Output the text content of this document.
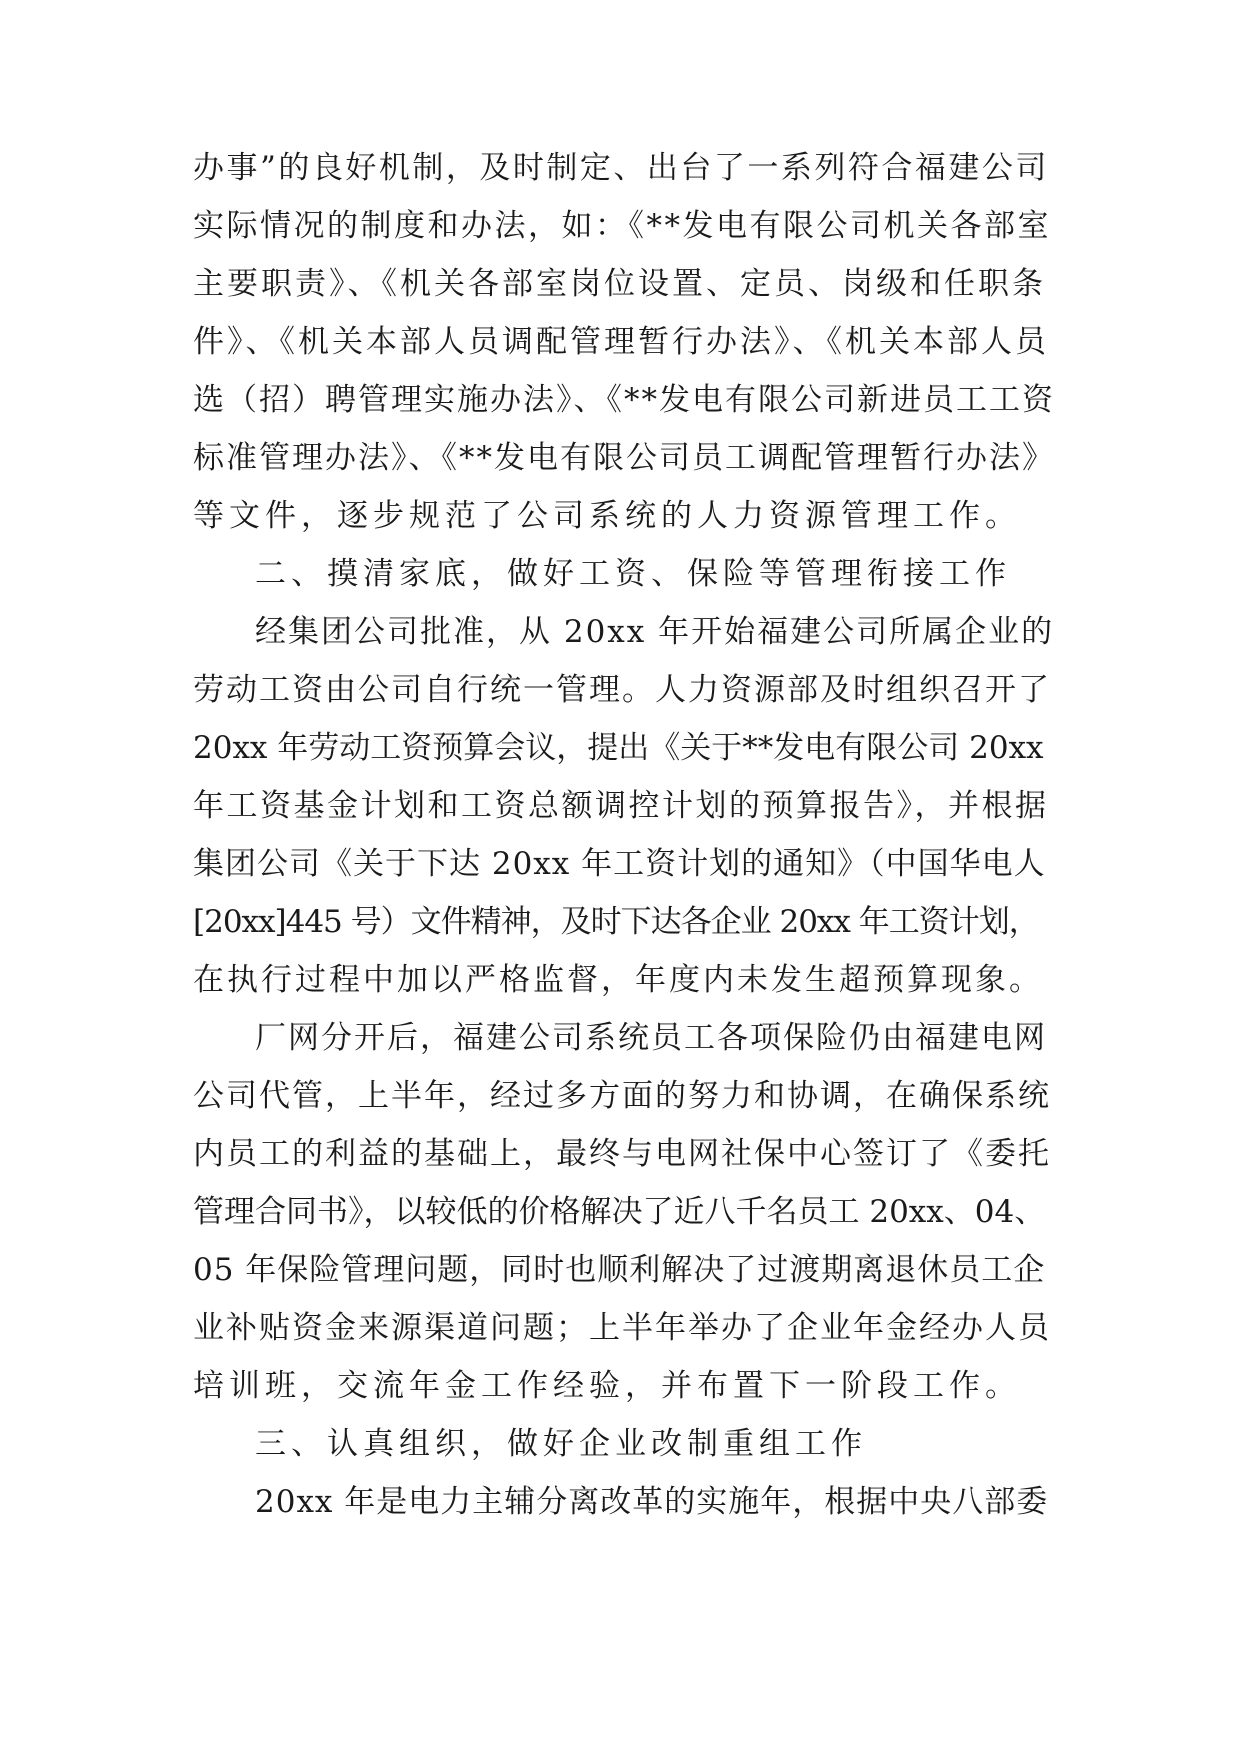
办事”的良好机制，及时制定、出台了一系列符合福建公司
实际情况的制度和办法，如：《**发电有限公司机关各部室
主要职责》、《机关各部室岗位设置、定员、岗级和任职条
件》、《机关本部人员调配管理暂行办法》、《机关本部人员
选（招）聘管理实施办法》、《**发电有限公司新进员工工资
标准管理办法》、《**发电有限公司员工调配管理暂行办法》
等文件，逐步规范了公司系统的人力资源管理工作。
二、摸清家底，做好工资、保险等管理衔接工作
经集团公司批准，从 20xx 年开始福建公司所属企业的
劳动工资由公司自行统一管理。人力资源部及时组织召开了
20xx 年劳动工资预算会议，提出《关于**发电有限公司 20xx
年工资基金计划和工资总额调控计划的预算报告》，并根据
集团公司《关于下达 20xx 年工资计划的通知》（中国华电人
[20xx]445 号）文件精神，及时下达各企业 20xx 年工资计划，
在执行过程中加以严格监督，年度内未发生超预算现象。
厂网分开后，福建公司系统员工各项保险仍由福建电网
公司代管，上半年，经过多方面的努力和协调，在确保系统
内员工的利益的基础上，最终与电网社保中心签订了《委托
管理合同书》，以较低的价格解决了近八千名员工 20xx、04、
05 年保险管理问题，同时也顺利解决了过渡期离退休员工企
业补贴资金来源渠道问题；上半年举办了企业年金经办人员
培训班，交流年金工作经验，并布置下一阶段工作。
三、认真组织，做好企业改制重组工作
20xx 年是电力主辅分离改革的实施年，根据中央八部委
